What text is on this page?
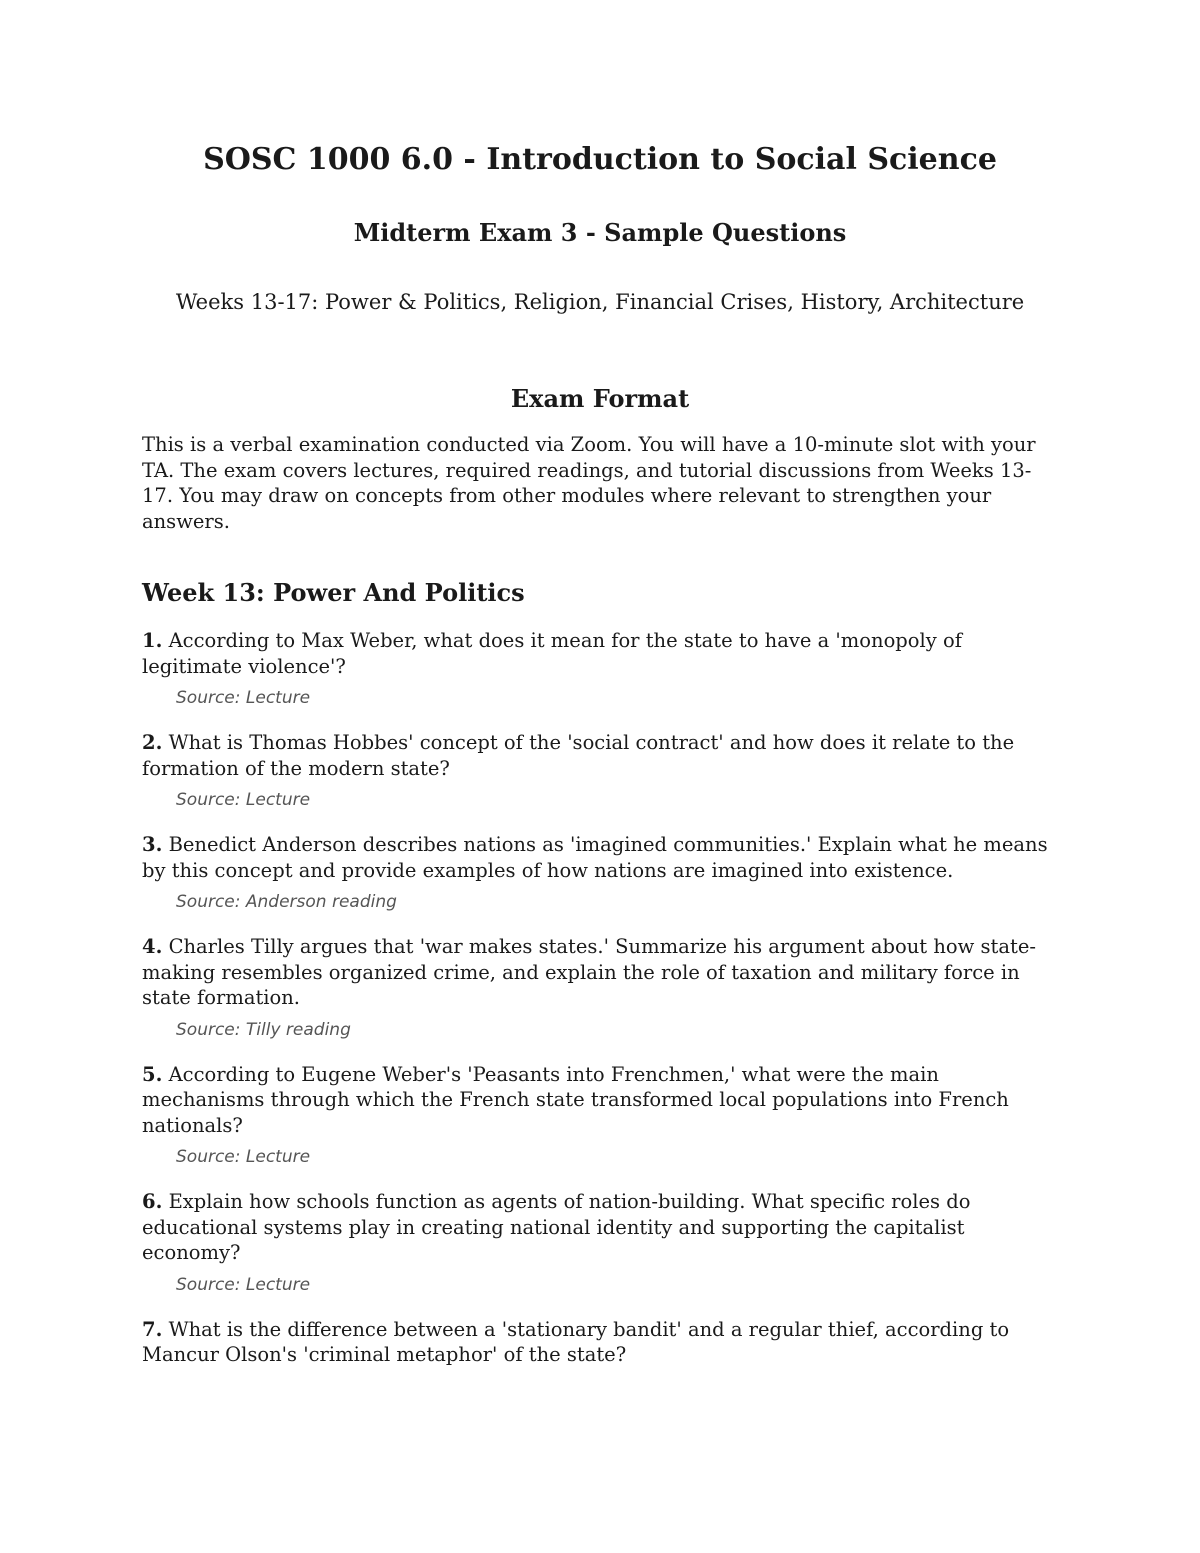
SOSC 1000 6.0 - Introduction to Social Science
Midterm Exam 3 - Sample Questions

Weeks 13-17: Power & Politics, Religion, Financial Crises, History, Architecture

Exam Format

This is a verbal examination conducted via Zoom. You will have a 10-minute slot with your TA. The exam covers lectures, required readings, and tutorial discussions from Weeks 13-17. You may draw on concepts from other modules where relevant to strengthen your answers.

Week 13: Power And Politics

1. According to Max Weber, what does it mean for the state to have a 'monopoly of legitimate violence'?

Source: Lecture

2. What is Thomas Hobbes' concept of the 'social contract' and how does it relate to the formation of the modern state?

Source: Lecture

3. Benedict Anderson describes nations as 'imagined communities.' Explain what he means by this concept and provide examples of how nations are imagined into existence.

Source: Anderson reading

4. Charles Tilly argues that 'war makes states.' Summarize his argument about how state-making resembles organized crime, and explain the role of taxation and military force in state formation.

Source: Tilly reading

5. According to Eugene Weber's 'Peasants into Frenchmen,' what were the main mechanisms through which the French state transformed local populations into French nationals?

Source: Lecture

6. Explain how schools function as agents of nation-building. What specific roles do educational systems play in creating national identity and supporting the capitalist economy?

Source: Lecture

7. What is the difference between a 'stationary bandit' and a regular thief, according to Mancur Olson's 'criminal metaphor' of the state?
